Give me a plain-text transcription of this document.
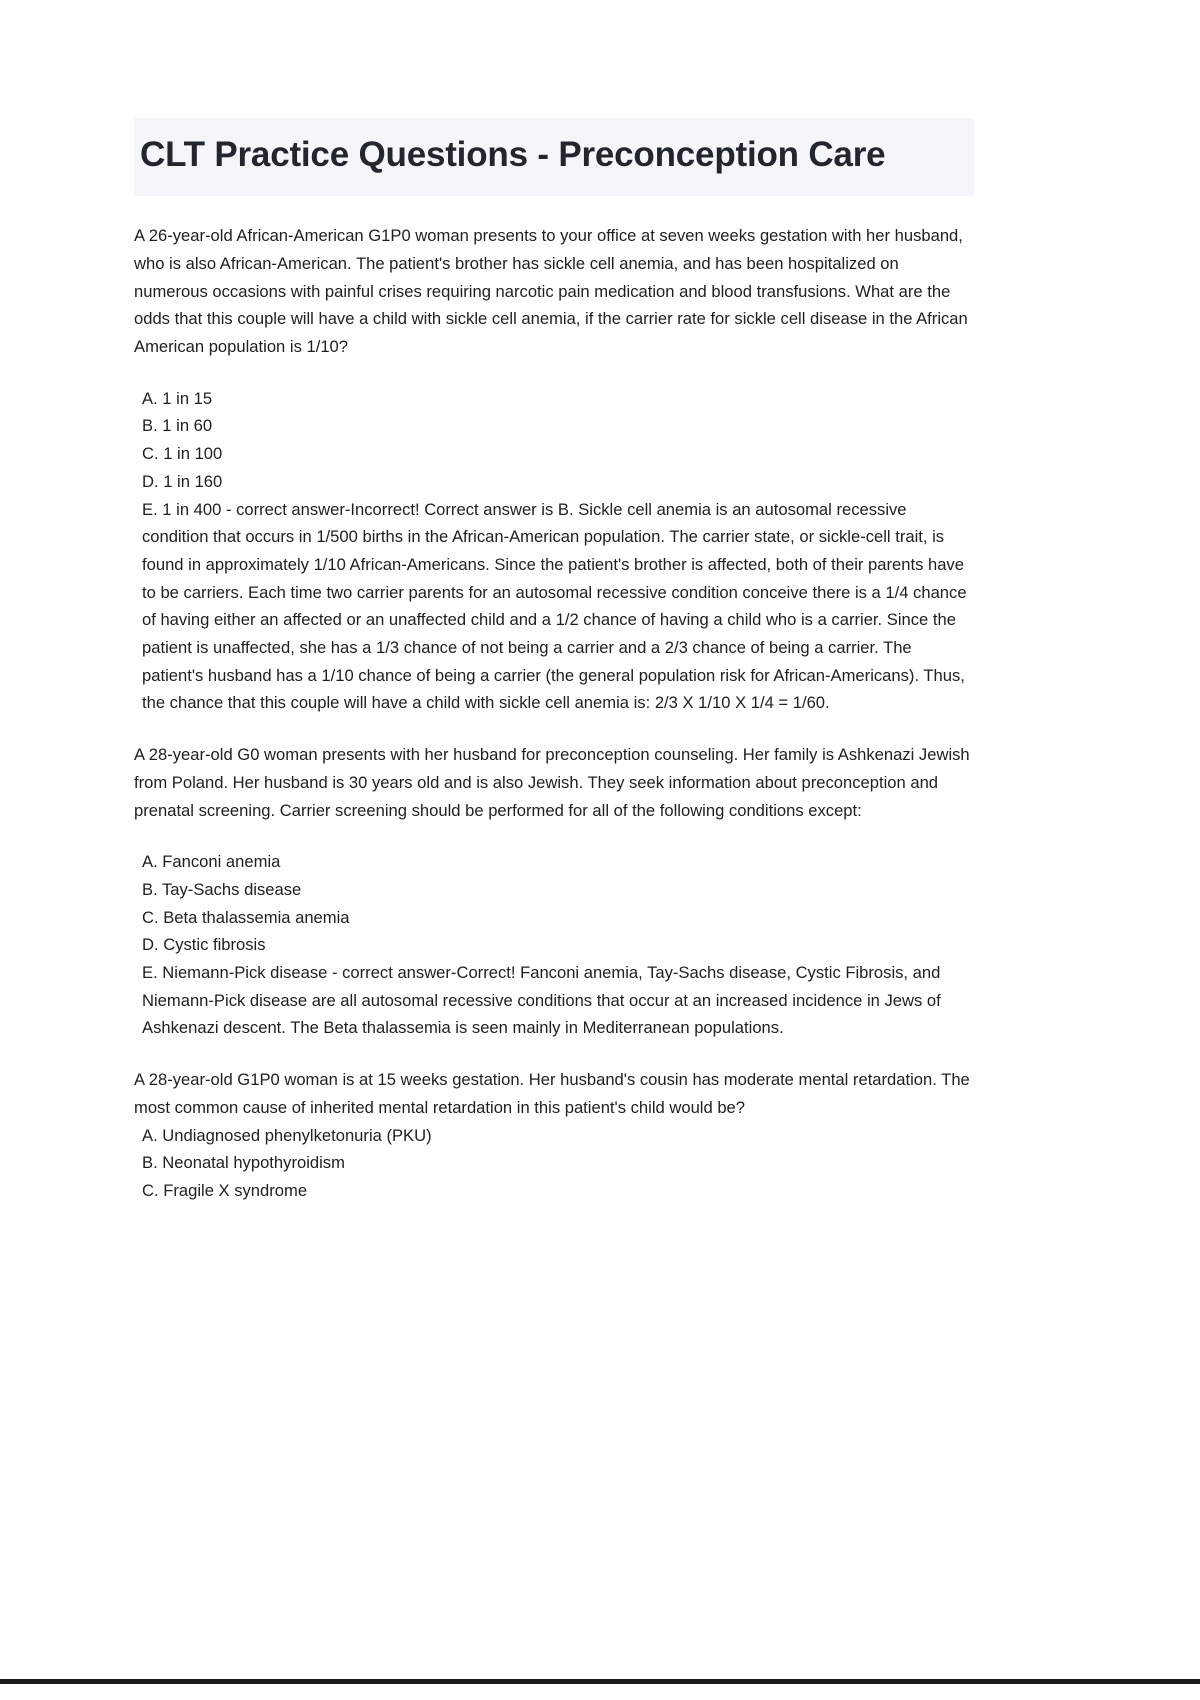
CLT Practice Questions - Preconception Care

A 26-year-old African-American G1P0 woman presents to your office at seven weeks gestation with her husband, who is also African-American. The patient's brother has sickle cell anemia, and has been hospitalized on numerous occasions with painful crises requiring narcotic pain medication and blood transfusions. What are the odds that this couple will have a child with sickle cell anemia, if the carrier rate for sickle cell disease in the African American population is 1/10?

A. 1 in 15
B. 1 in 60
C. 1 in 100
D. 1 in 160
E. 1 in 400 - correct answer-Incorrect! Correct answer is B. Sickle cell anemia is an autosomal recessive condition that occurs in 1/500 births in the African-American population. The carrier state, or sickle-cell trait, is found in approximately 1/10 African-Americans. Since the patient's brother is affected, both of their parents have to be carriers. Each time two carrier parents for an autosomal recessive condition conceive there is a 1/4 chance of having either an affected or an unaffected child and a 1/2 chance of having a child who is a carrier. Since the patient is unaffected, she has a 1/3 chance of not being a carrier and a 2/3 chance of being a carrier. The patient's husband has a 1/10 chance of being a carrier (the general population risk for African-Americans). Thus, the chance that this couple will have a child with sickle cell anemia is: 2/3 X 1/10 X 1/4 = 1/60.

A 28-year-old G0 woman presents with her husband for preconception counseling. Her family is Ashkenazi Jewish from Poland. Her husband is 30 years old and is also Jewish. They seek information about preconception and prenatal screening. Carrier screening should be performed for all of the following conditions except:

A. Fanconi anemia
B. Tay-Sachs disease
C. Beta thalassemia anemia
D. Cystic fibrosis
E. Niemann-Pick disease - correct answer-Correct! Fanconi anemia, Tay-Sachs disease, Cystic Fibrosis, and Niemann-Pick disease are all autosomal recessive conditions that occur at an increased incidence in Jews of Ashkenazi descent. The Beta thalassemia is seen mainly in Mediterranean populations.

A 28-year-old G1P0 woman is at 15 weeks gestation. Her husband's cousin has moderate mental retardation. The most common cause of inherited mental retardation in this patient's child would be?

A. Undiagnosed phenylketonuria (PKU)
B. Neonatal hypothyroidism
C. Fragile X syndrome
